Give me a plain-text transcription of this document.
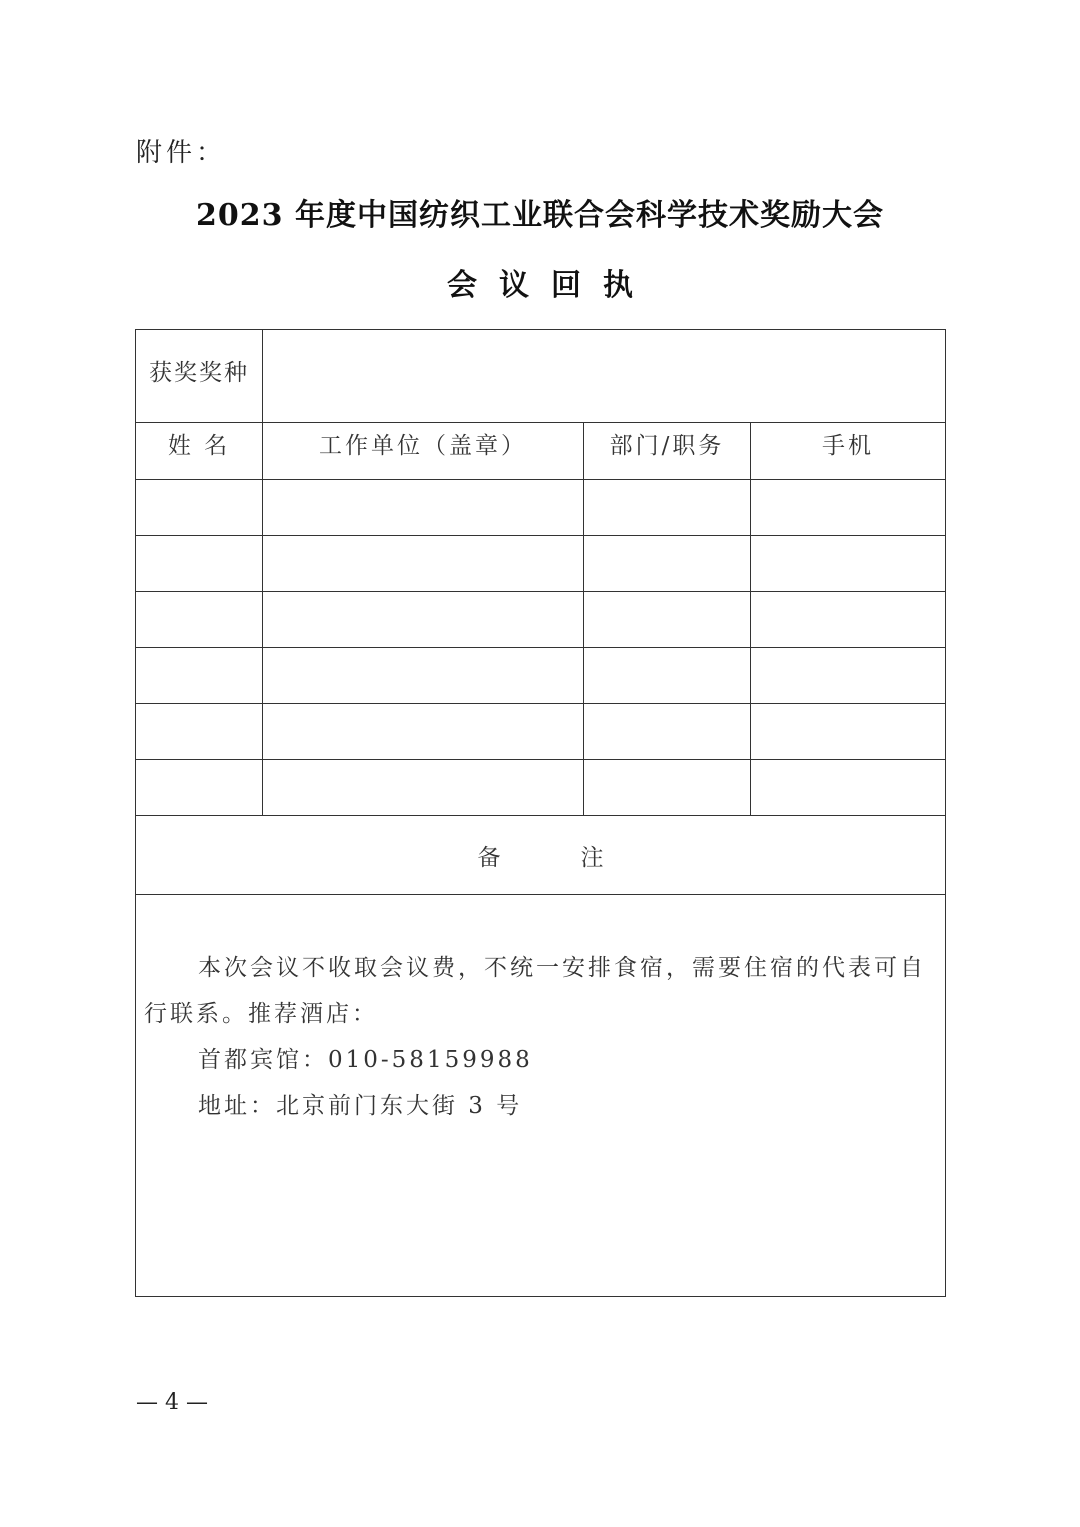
附件：
2023 年度中国纺织工业联合会科学技术奖励大会
会议回执
获奖奖种			
姓 名	工作单位（盖章）	部门/职务	手机

备 注			

本次会议不收取会议费，不统一安排食宿，需要住宿的代表可自行联系。推荐酒店：

首都宾馆：010-58159988

地址：北京前门东大街 3 号			

— 4 —
